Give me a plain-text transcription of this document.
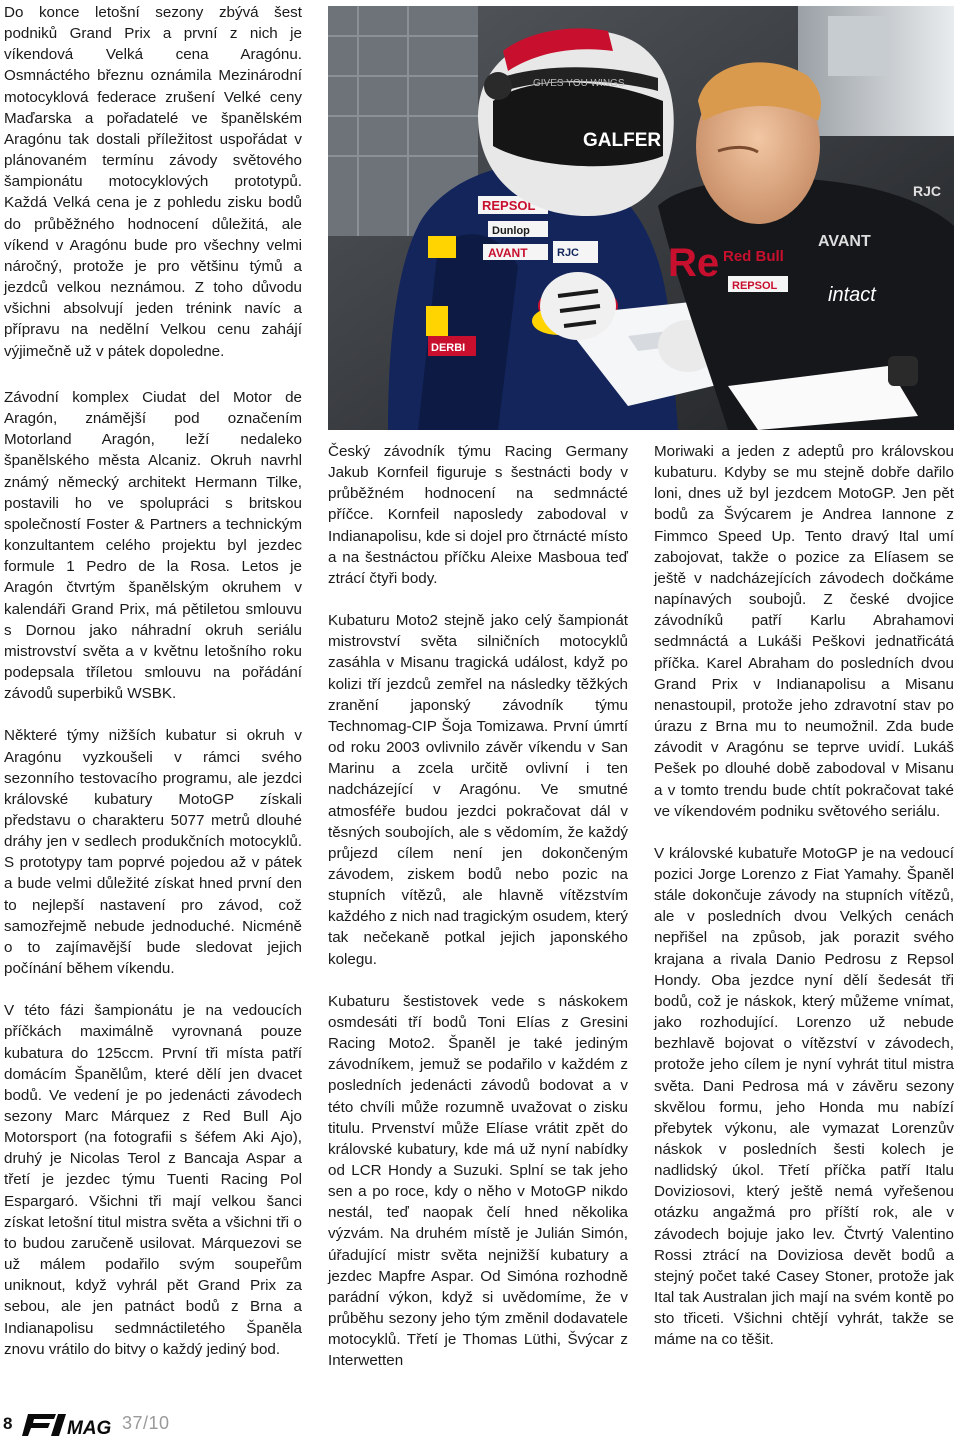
Do konce letošní sezony zbývá šest podniků Grand Prix a první z nich je víkendová Velká cena Aragónu. Osmnáctého březnu oznámila Mezinárodní motocyklová federace zrušení Velké ceny Maďarska a pořadatelé ve španělském Aragónu tak dostali příležitost uspořádat v plánovaném termínu závody světového šampionátu motocyklových prototypů. Každá Velká cena je z pohledu zisku bodů do průběžného hodnocení důležitá, ale víkend v Aragónu bude pro všechny velmi náročný, protože je pro většinu týmů a jezdců velkou neznámou. Z toho důvodu všichni absolvují jeden trénink navíc a přípravu na nedělní Velkou cenu zahájí výjimečně už v pátek dopoledne.

REPSOL
Dunlop
AVANT	RJC
DERBI
GIVES YOU WINGS
GALFER
Red Bull
AVANT
REPSOL	intact
RJC
Re

Závodní komplex Ciudat del Motor de Aragón, známější pod označením Motorland Aragón, leží nedaleko španělského města Alcaniz. Okruh navrhl známý německý architekt Hermann Tilke, postavili ho ve spolupráci s britskou společností Foster & Partners a technickým konzultantem celého projektu byl jezdec formule 1 Pedro de la Rosa. Letos je Aragón čtvrtým španělským okruhem v kalendáři Grand Prix, má pětiletou smlouvu s Dornou jako náhradní okruh seriálu mistrovství světa a v květnu letošního roku podepsala tříletou smlouvu na pořádání závodů superbiků WSBK.

Některé týmy nižších kubatur si okruh v Aragónu vyzkoušeli v rámci svého sezonního testovacího programu, ale jezdci královské kubatury MotoGP získali představu o charakteru 5077 metrů dlouhé dráhy jen v sedlech produkčních motocyklů. S prototypy tam poprvé pojedou až v pátek a bude velmi důležité získat hned první den to nejlepší nastavení pro závod, což samozřejmě nebude jednoduché. Nicméně o to zajímavější bude sledovat jejich počínání během víkendu.

V této fázi šampionátu je na vedoucích příčkách maximálně vyrovnaná pouze kubatura do 125ccm. První tři místa patří domácím Španělům, které dělí jen dvacet bodů. Ve vedení je po jedenácti závodech sezony Marc Márquez z Red Bull Ajo Motorsport (na fotografii s šéfem Aki Ajo), druhý je Nicolas Terol z Bancaja Aspar a třetí je jezdec týmu Tuenti Racing Pol Espargaró. Všichni tři mají velkou šanci získat letošní titul mistra světa a všichni tři o to budou zaručeně usilovat. Márquezovi se už málem podařilo svým soupeřům uniknout, když vyhrál pět Grand Prix za sebou, ale jen patnáct bodů z Brna a Indianapolisu sedmnáctiletého Španěla znovu vrátilo do bitvy o každý jediný bod.

Český závodník týmu Racing Germany Jakub Kornfeil figuruje s šestnácti body v průběžném hodnocení na sedmnácté příčce. Kornfeil naposledy zabodoval v Indianapolisu, kde si dojel pro čtrnácté místo a na šestnáctou příčku Aleixe Masboua teď ztrácí čtyři body.

Kubaturu Moto2 stejně jako celý šampionát mistrovství světa silničních motocyklů zasáhla v Misanu tragická událost, když po kolizi tří jezdců zemřel na následky těžkých zranění japonský závodník týmu Technomag-CIP Šoja Tomizawa. První úmrtí od roku 2003 ovlivnilo závěr víkendu v San Marinu a zcela určitě ovlivní i ten nadcházející v Aragónu. Ve smutné atmosféře budou jezdci pokračovat dál v těsných soubojích, ale s vědomím, že každý průjezd cílem není jen dokončeným závodem, ziskem bodů nebo pozic na stupních vítězů, ale hlavně vítězstvím každého z nich nad tragickým osudem, který tak nečekaně potkal jejich japonského kolegu.

Kubaturu šestistovek vede s náskokem osmdesáti tří bodů Toni Elías z Gresini Racing Moto2. Španěl je také jediným závodníkem, jemuž se podařilo v každém z posledních jedenácti závodů bodovat a v této chvíli může rozumně uvažovat o zisku titulu. Prvenství může Elíase vrátit zpět do královské kubatury, kde má už nyní nabídky od LCR Hondy a Suzuki. Splní se tak jeho sen a po roce, kdy o něho v MotoGP nikdo nestál, teď naopak čelí hned několika výzvám. Na druhém místě je Julián Simón, úřadující mistr světa nejnižší kubatury a jezdec Mapfre Aspar. Od Simóna rozhodně parádní výkon, když si uvědomíme, že v průběhu sezony jeho tým změnil dodavatele motocyklů. Třetí je Thomas Lüthi, Švýcar z Interwetten

Moriwaki a jeden z adeptů pro královskou kubaturu. Kdyby se mu stejně dobře dařilo loni, dnes už byl jezdcem MotoGP. Jen pět bodů za Švýcarem je Andrea Iannone z Fimmco Speed Up. Tento dravý Ital umí zabojovat, takže o pozice za Elíasem se ještě v nadcházejících závodech dočkáme napínavých soubojů. Z české dvojice závodníků patří Karlu Abrahamovi sedmnáctá a Lukáši Peškovi jednatřicátá příčka. Karel Abraham do posledních dvou Grand Prix v Indianapolisu a Misanu nenastoupil, protože jeho zdravotní stav po úrazu z Brna mu to neumožnil. Zda bude závodit v Aragónu se teprve uvidí. Lukáš Pešek po dlouhé době zabodoval v Misanu a v tomto trendu bude chtít pokračovat také ve víkendovém podniku světového seriálu.

V královské kubatuře MotoGP je na vedoucí pozici Jorge Lorenzo z Fiat Yamahy. Španěl stále dokončuje závody na stupních vítězů, ale v posledních dvou Velkých cenách nepřišel na způsob, jak porazit svého krajana a rivala Danio Pedrosu z Repsol Hondy. Oba jezdce nyní dělí šedesát tři bodů, což je náskok, který můžeme vnímat, jako rozhodující. Lorenzo už nebude bezhlavě bojovat o vítězství v závodech, protože jeho cílem je nyní vyhrát titul mistra světa. Dani Pedrosa má v závěru sezony skvělou formu, jeho Honda mu nabízí přebytek výkonu, ale vymazat Lorenzův náskok v posledních šesti kolech je nadlidský úkol. Třetí příčka patří Italu Doviziosovi, který ještě nemá vyřešenou otázku angažmá pro příští rok, ale v závodech bojuje jako lev. Čtvrtý Valentino Rossi ztrácí na Doviziosa devět bodů a stejný počet také Casey Stoner, protože jak Ital tak Australan jich mají na svém kontě po sto třiceti. Všichni chtějí vyhrát, takže se máme na co těšit.

8	MAG 37/10
